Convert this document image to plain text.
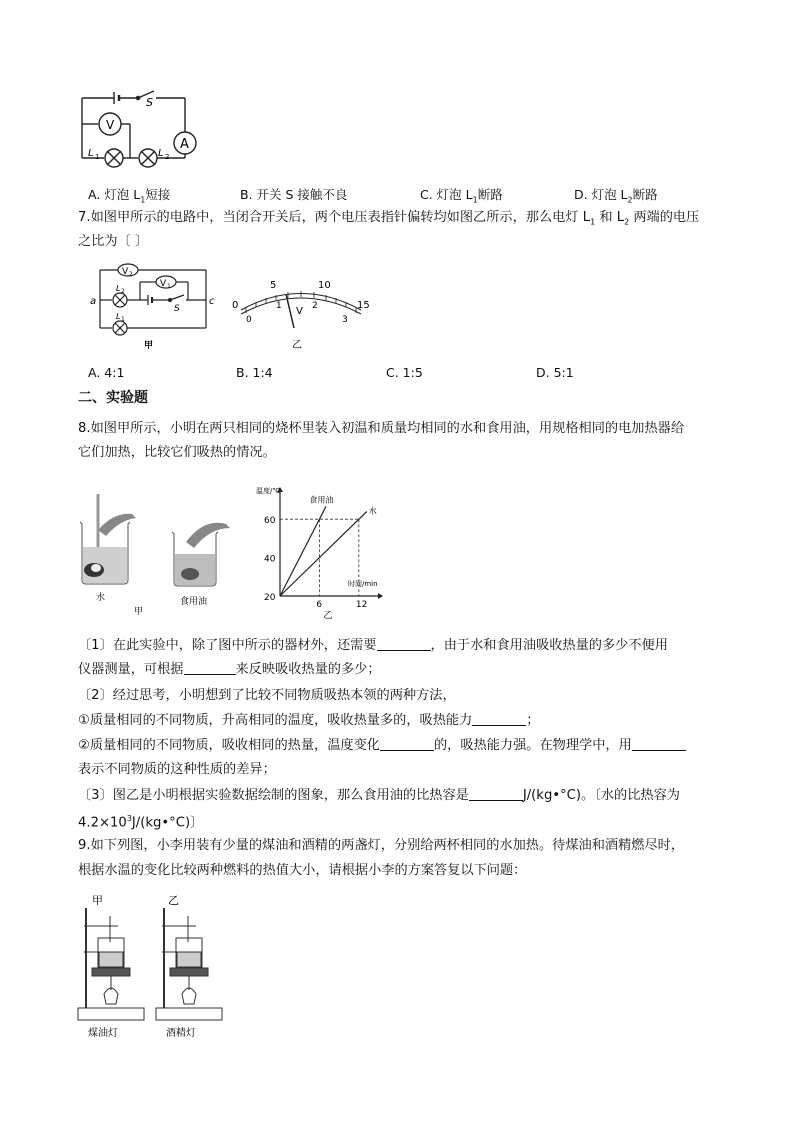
S
V
A
L 1	L 2
A. 灯泡 $L_1$短接	B. 开关 S 接触不良	C. 灯泡 $L_1$断路	D. 灯泡 $L_2$断路
7.如图甲所示的电路中，当闭合开关后，两个电压表指针偏转均如图乙所示，那么电灯 $L_1$ 和 $L_2$ 两端的电压
之比为〔 〕
V 2
V 1
a	c
L 2
L 1
S
甲
0
5	10
15
0
1	2
3
V
乙
A. 4:1	B. 1:4	C. 1:5	D. 5:1
二、实验题
8.如图甲所示，小明在两只相同的烧杯里装入初温和质量均相同的水和食用油，用规格相同的电加热器给
它们加热，比较它们吸热的情况。
水	食用油
甲
温度/℃
时间/min
20
40
60
6	12
食用油
水
乙
〔1〕在此实验中，除了图中所示的器材外，还需要	，由于水和食用油吸收热量的多少不便用
仪器测量，可根据	来反映吸收热量的多少；
〔2〕经过思考，小明想到了比较不同物质吸热本领的两种方法，
①质量相同的不同物质，升高相同的温度，吸收热量多的，吸热能力	；
②质量相同的不同物质，吸收相同的热量，温度变化	的，吸热能力强。在物理学中，用
表示不同物质的这种性质的差异；
〔3〕图乙是小明根据实验数据绘制的图象，那么食用油的比热容是	J/(kg•°C)。〔水的比热容为
$4.2\times 10^3J/(kg•^\circ C)$〕
9.如下列图，小李用装有少量的煤油和酒精的两盏灯，分别给两杯相同的水加热。待煤油和酒精燃尽时，
根据水温的变化比较两种燃料的热值大小，请根据小李的方案答复以下问题：
甲	乙
煤油灯	酒精灯
